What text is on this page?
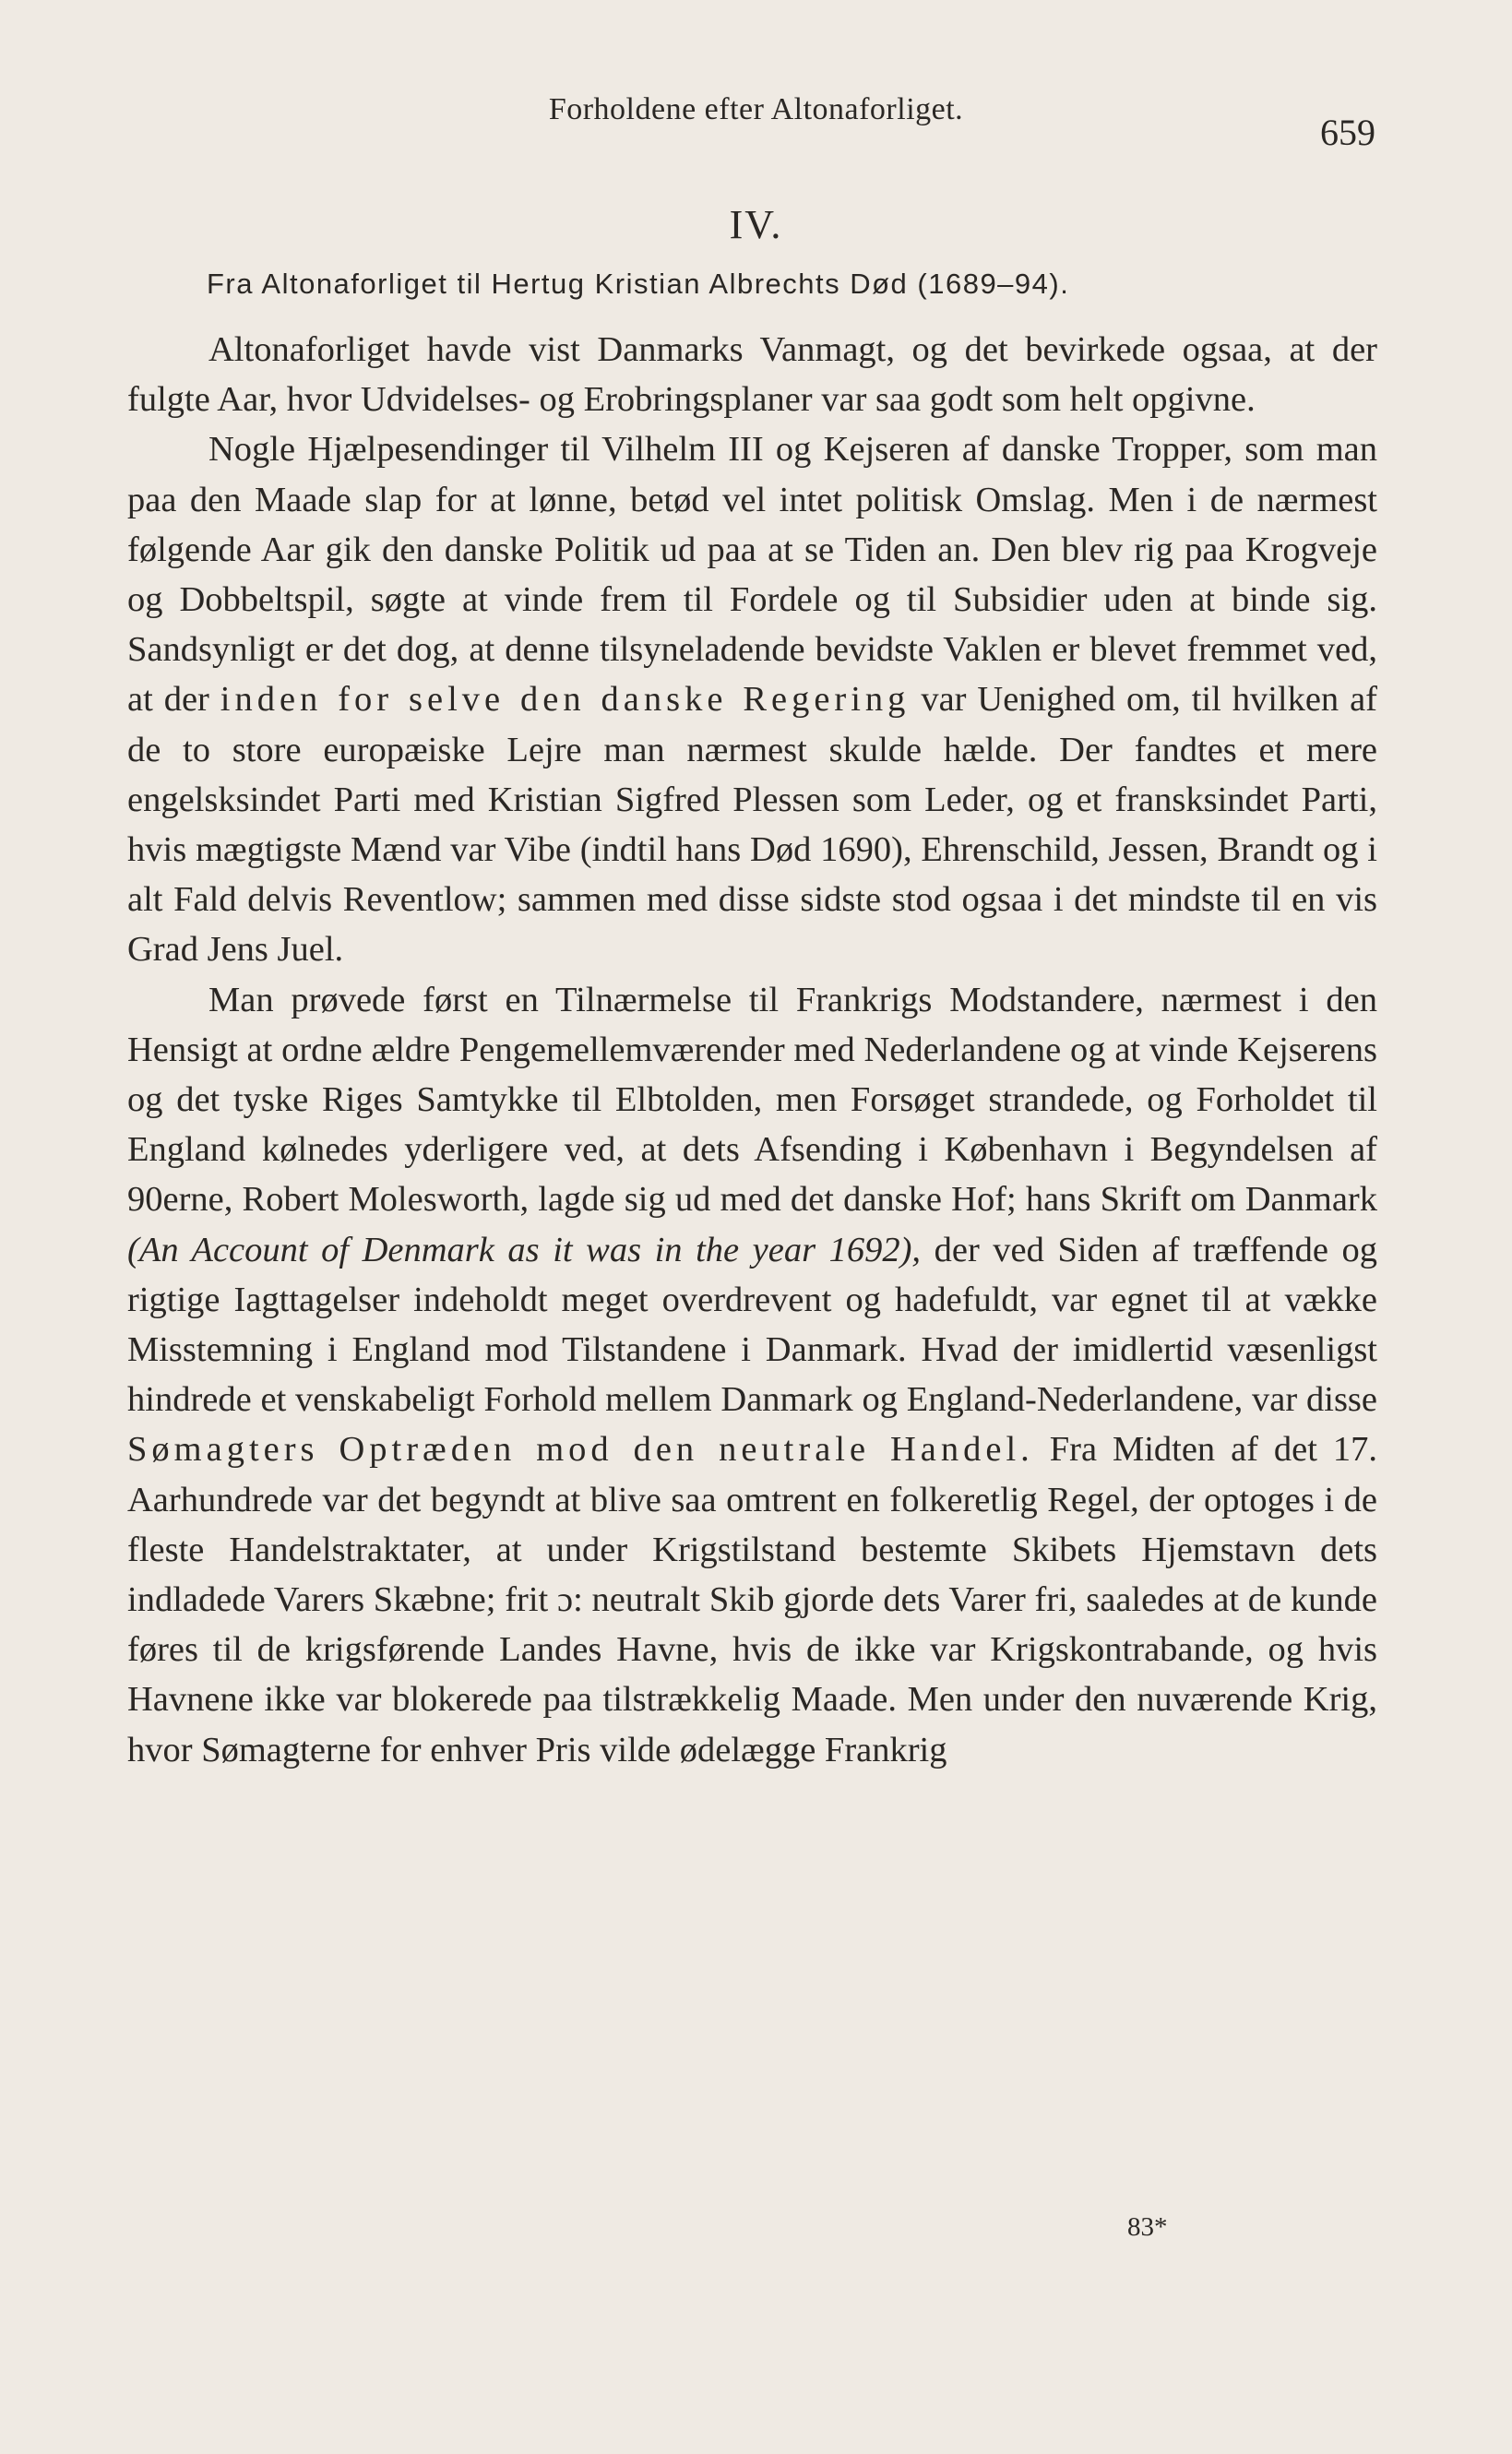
Forholdene efter Altonaforliget.
659
IV.
Fra Altonaforliget til Hertug Kristian Albrechts Død (1689–94).

Altonaforliget havde vist Danmarks Vanmagt, og det bevirkede ogsaa, at der fulgte Aar, hvor Udvidelses- og Erobringsplaner var saa godt som helt opgivne.

Nogle Hjælpesendinger til Vilhelm III og Kejseren af danske Tropper, som man paa den Maade slap for at lønne, betød vel intet politisk Omslag. Men i de nærmest følgende Aar gik den danske Politik ud paa at se Tiden an. Den blev rig paa Krogveje og Dobbeltspil, søgte at vinde frem til Fordele og til Subsidier uden at binde sig. Sandsynligt er det dog, at denne tilsyneladende bevidste Vaklen er blevet fremmet ved, at der inden for selve den danske Regering var Uenighed om, til hvilken af de to store europæiske Lejre man nærmest skulde hælde. Der fandtes et mere engelsksindet Parti med Kristian Sigfred Plessen som Leder, og et fransksindet Parti, hvis mægtigste Mænd var Vibe (indtil hans Død 1690), Ehrenschild, Jessen, Brandt og i alt Fald delvis Reventlow; sammen med disse sidste stod ogsaa i det mindste til en vis Grad Jens Juel.

Man prøvede først en Tilnærmelse til Frankrigs Modstandere, nærmest i den Hensigt at ordne ældre Pengemellemværender med Nederlandene og at vinde Kejserens og det tyske Riges Samtykke til Elbtolden, men Forsøget strandede, og Forholdet til England kølnedes yderligere ved, at dets Afsending i København i Begyndelsen af 90erne, Robert Molesworth, lagde sig ud med det danske Hof; hans Skrift om Danmark (An Account of Denmark as it was in the year 1692), der ved Siden af træffende og rigtige Iagttagelser indeholdt meget overdrevent og hadefuldt, var egnet til at vække Misstemning i England mod Tilstandene i Danmark. Hvad der imidlertid væsenligst hindrede et venskabeligt Forhold mellem Danmark og England-Nederlandene, var disse Sømagters Optræden mod den neutrale Handel. Fra Midten af det 17. Aarhundrede var det begyndt at blive saa omtrent en folkeretlig Regel, der optoges i de fleste Handelstraktater, at under Krigstilstand bestemte Skibets Hjemstavn dets indladede Varers Skæbne; frit ɔ: neutralt Skib gjorde dets Varer fri, saaledes at de kunde føres til de krigsførende Landes Havne, hvis de ikke var Krigskontrabande, og hvis Havnene ikke var blokerede paa tilstrækkelig Maade. Men under den nuværende Krig, hvor Sømagterne for enhver Pris vilde ødelægge Frankrig

83*
